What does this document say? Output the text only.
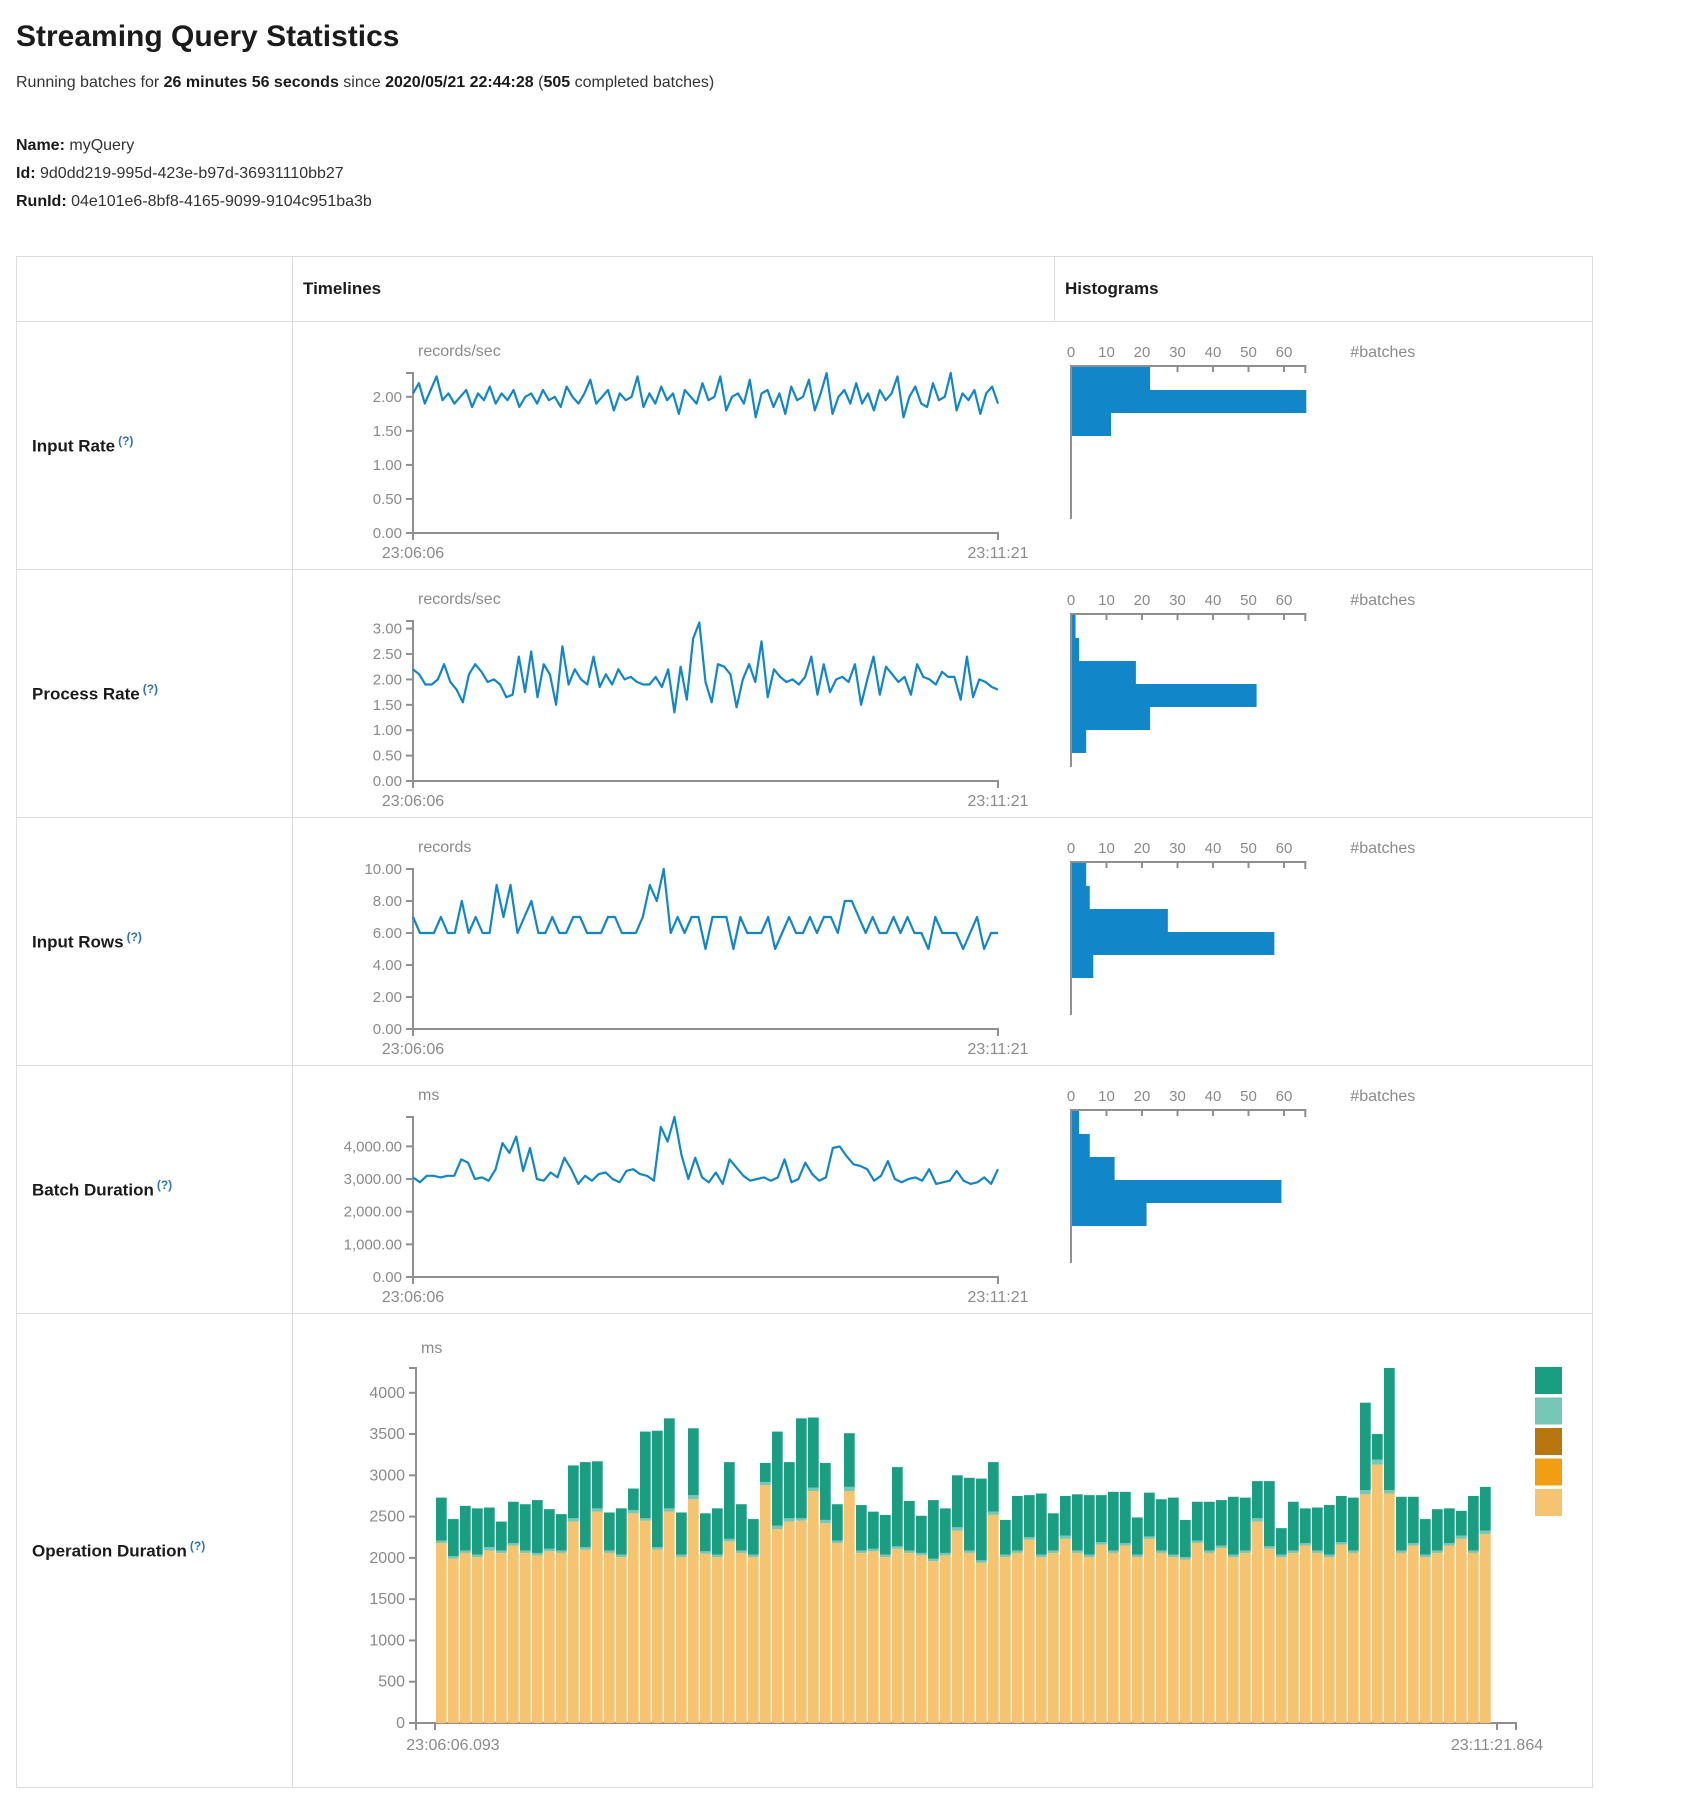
Streaming Query Statistics

Running batches for 26 minutes 56 seconds since 2020/05/21 22:44:28 (505 completed batches)

Name: myQuery
Id: 9d0dd219-995d-423e-b97d-36931110bb27
RunId: 04e101e6-8bf8-4165-9099-9104c951ba3b
	Timelines	Histograms
Input Rate (?)	
records/sec
2.00
1.50
1.00
0.50
0.00
23:06:06	23:11:21
0 10 20 30 40 50 60	#batches

Process Rate (?)	
records/sec
3.00
2.50
2.00
1.50
1.00
0.50
0.00
23:06:06	23:11:21
0 10 20 30 40 50 60	#batches

Input Rows (?)	
records
10.00
8.00
6.00
4.00
2.00
0.00
23:06:06	23:11:21
0 10 20 30 40 50 60	#batches

Batch Duration (?)	
ms
4,000.00
3,000.00
2,000.00
1,000.00
0.00
23:06:06	23:11:21
0 10 20 30 40 50 60	#batches

Operation Duration (?)	
ms
4000
3500
3000
2500
2000
1500
1000
500
0
23:06:06.093	23:11:21.864
